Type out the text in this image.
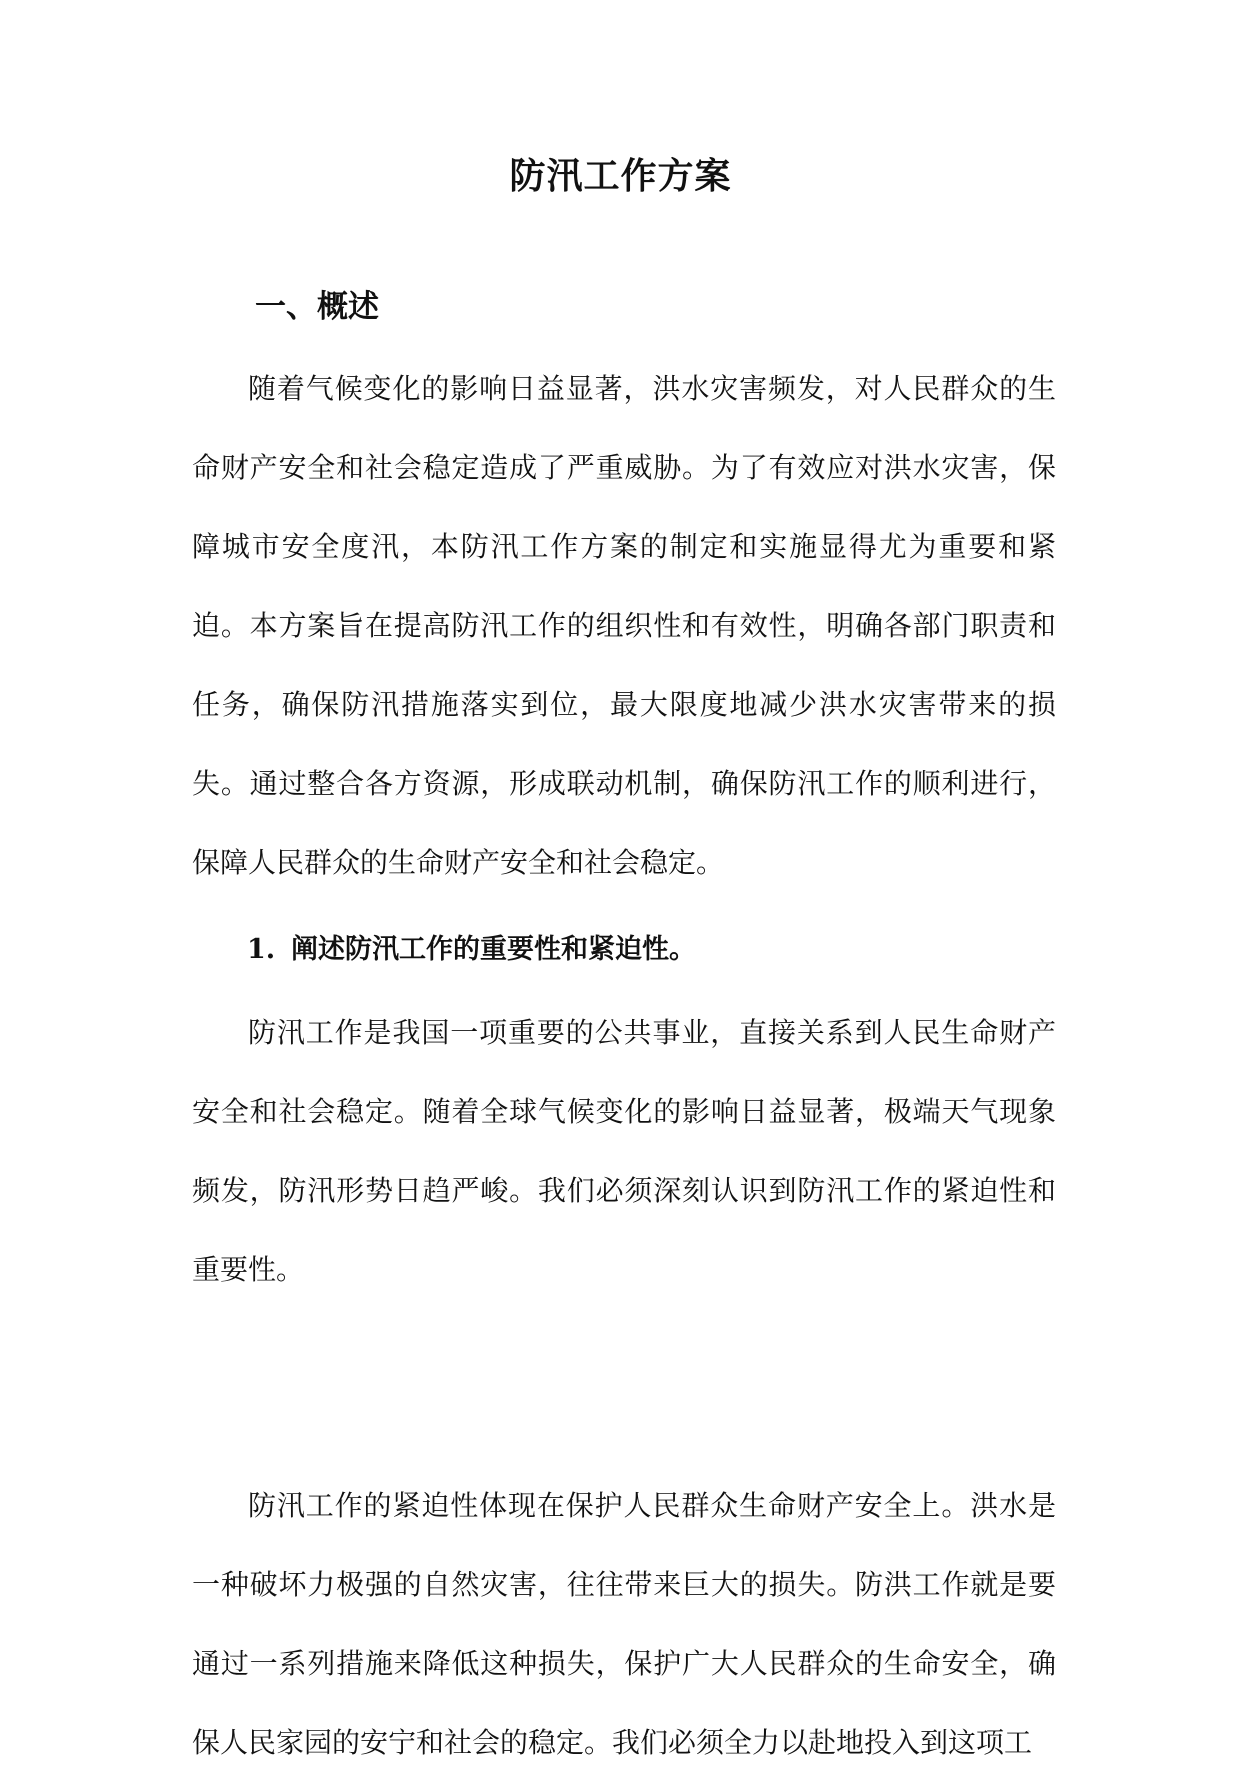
防汛工作方案
一、概述

随着气候变化的影响日益显著，洪水灾害频发，对人民群众的生命财产安全和社会稳定造成了严重威胁。为了有效应对洪水灾害，保障城市安全度汛，本防汛工作方案的制定和实施显得尤为重要和紧迫。本方案旨在提高防汛工作的组织性和有效性，明确各部门职责和任务，确保防汛措施落实到位，最大限度地减少洪水灾害带来的损失。通过整合各方资源，形成联动机制，确保防汛工作的顺利进行，保障人民群众的生命财产安全和社会稳定。

1. 阐述防汛工作的重要性和紧迫性。

防汛工作是我国一项重要的公共事业，直接关系到人民生命财产安全和社会稳定。随着全球气候变化的影响日益显著，极端天气现象频发，防汛形势日趋严峻。我们必须深刻认识到防汛工作的紧迫性和重要性。

防汛工作的紧迫性体现在保护人民群众生命财产安全上。洪水是一种破坏力极强的自然灾害，往往带来巨大的损失。防洪工作就是要通过一系列措施来降低这种损失，保护广大人民群众的生命安全，确保人民家园的安宁和社会的稳定。我们必须全力以赴地投入到这项工
